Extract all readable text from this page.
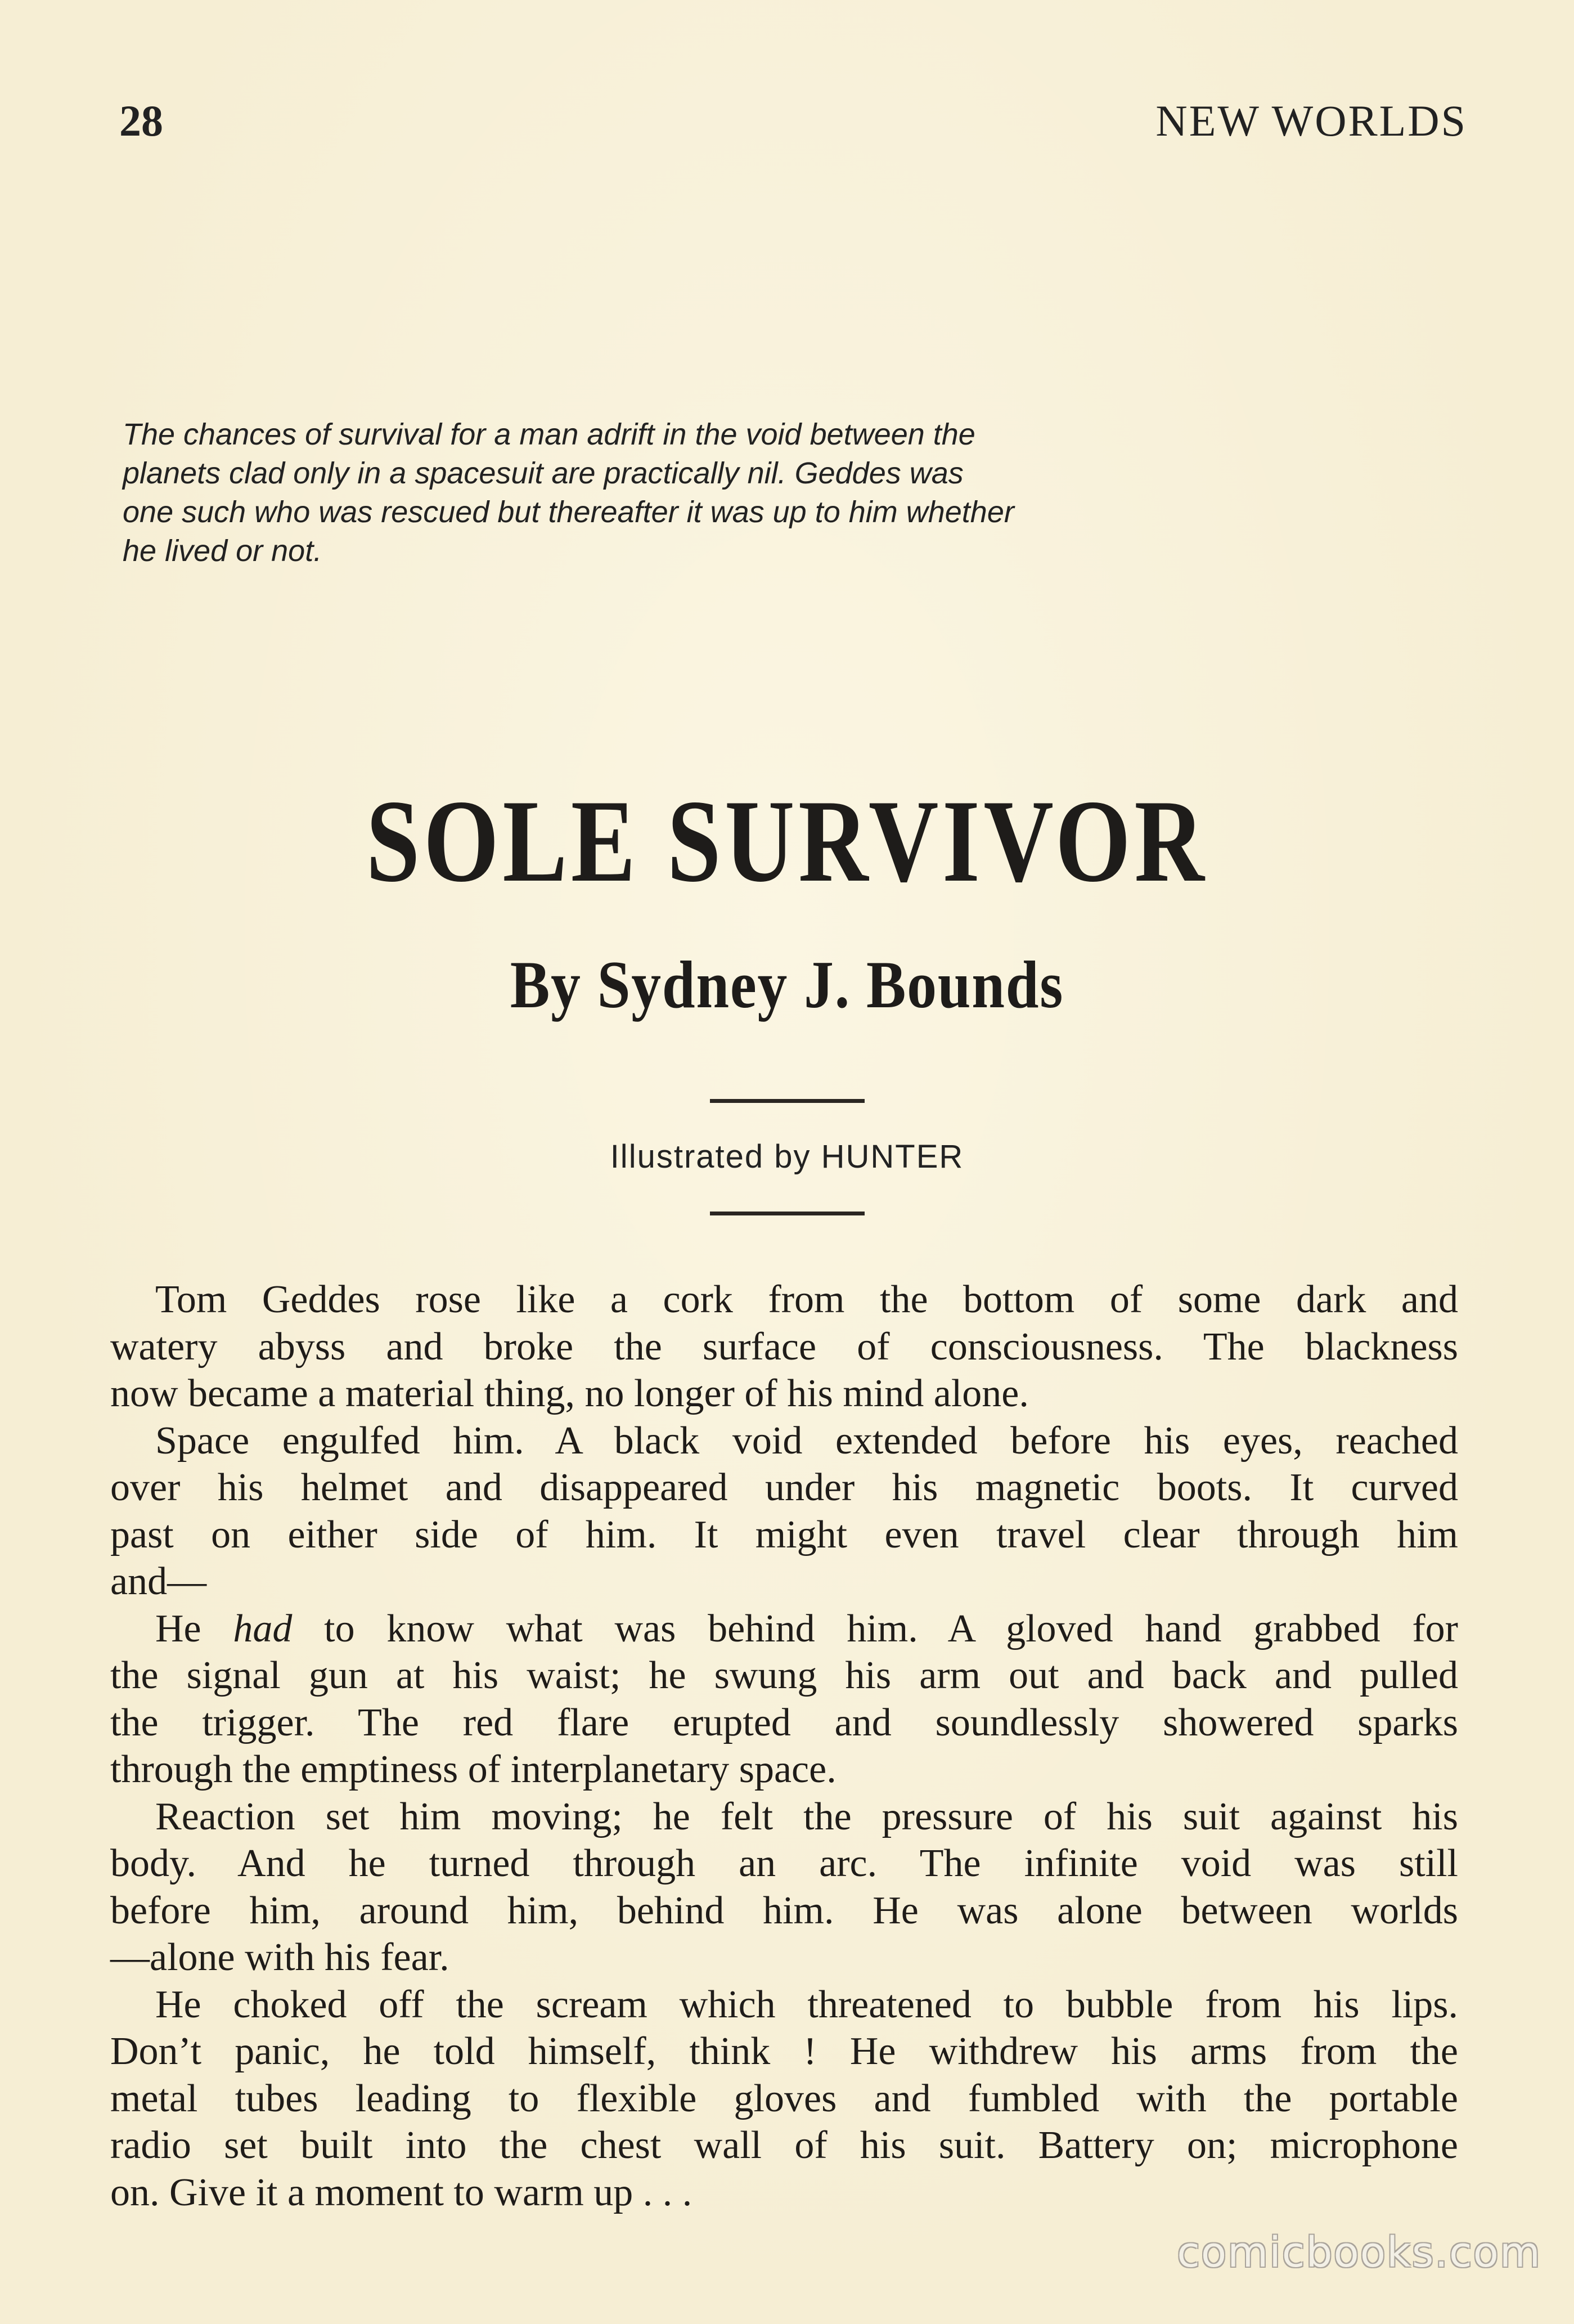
28	NEW WORLDS
The chances of survival for a man adrift in the void between the
planets clad only in a spacesuit are practically nil. Geddes was
one such who was rescued but thereafter it was up to him whether
he lived or not.
SOLE SURVIVOR
By Sydney J. Bounds
Illustrated by HUNTER
Tom Geddes rose like a cork from the bottom of some dark and
watery abyss and broke the surface of consciousness. The blackness
now became a material thing, no longer of his mind alone.
Space engulfed him. A black void extended before his eyes, reached
over his helmet and disappeared under his magnetic boots. It curved
past on either side of him. It might even travel clear through him
and—
He had to know what was behind him. A gloved hand grabbed for
the signal gun at his waist; he swung his arm out and back and pulled
the trigger. The red flare erupted and soundlessly showered sparks
through the emptiness of interplanetary space.
Reaction set him moving; he felt the pressure of his suit against his
body. And he turned through an arc. The infinite void was still
before him, around him, behind him. He was alone between worlds
—alone with his fear.
He choked off the scream which threatened to bubble from his lips.
Don’t panic, he told himself, think ! He withdrew his arms from the
metal tubes leading to flexible gloves and fumbled with the portable
radio set built into the chest wall of his suit. Battery on; microphone
on. Give it a moment to warm up . . .
comicbooks.com
